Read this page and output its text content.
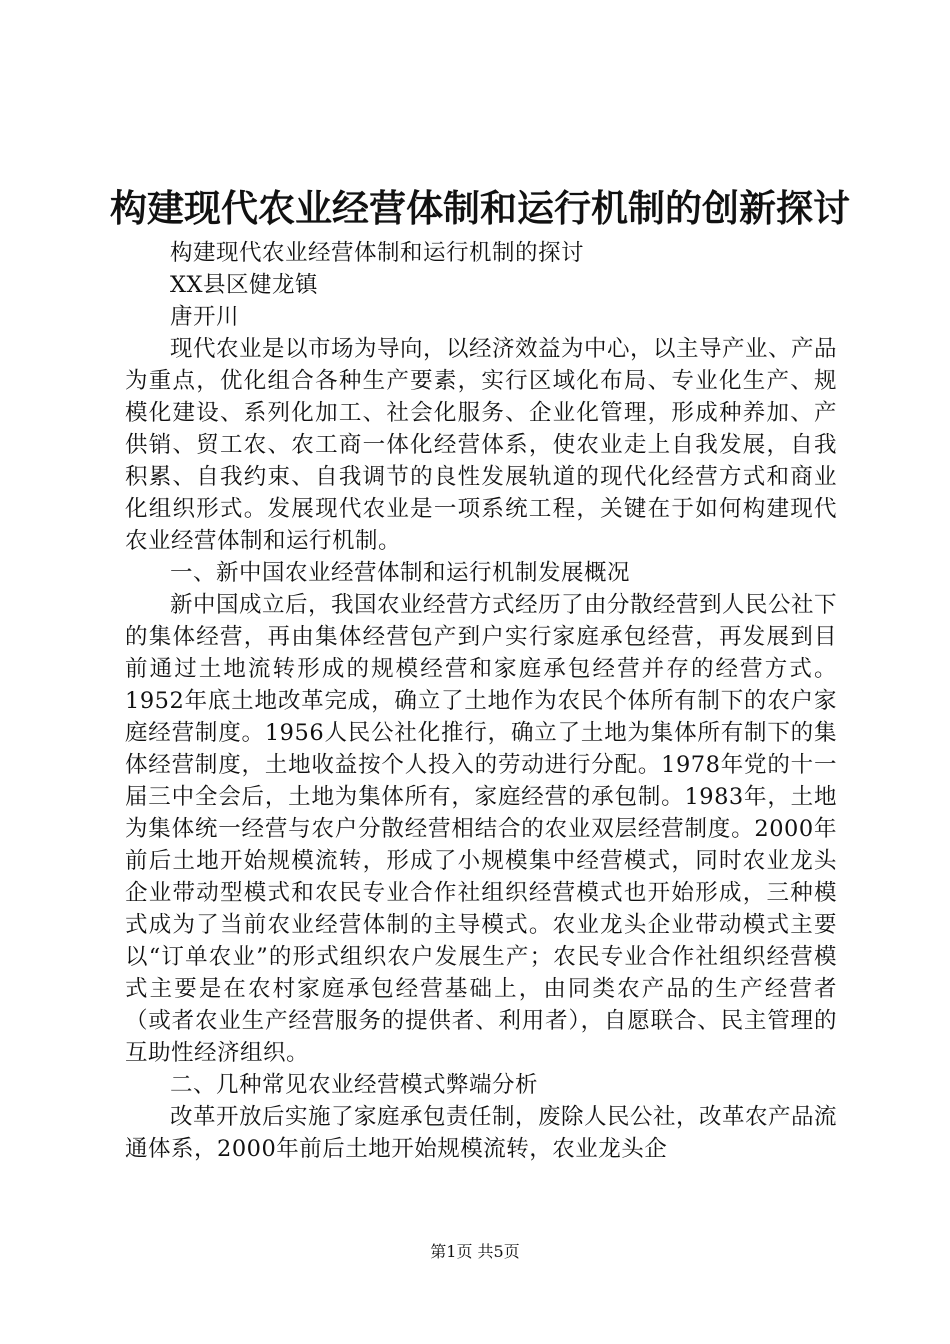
构建现代农业经营体制和运行机制的创新探讨

构建现代农业经营体制和运行机制的探讨

XX县区健龙镇

唐开川

现代农业是以市场为导向，以经济效益为中心，以主导产业、产品为重点，优化组合各种生产要素，实行区域化布局、专业化生产、规模化建设、系列化加工、社会化服务、企业化管理，形成种养加、产供销、贸工农、农工商一体化经营体系，使农业走上自我发展，自我积累、自我约束、自我调节的良性发展轨道的现代化经营方式和商业化组织形式。发展现代农业是一项系统工程，关键在于如何构建现代农业经营体制和运行机制。

一、新中国农业经营体制和运行机制发展概况

新中国成立后，我国农业经营方式经历了由分散经营到人民公社下的集体经营，再由集体经营包产到户实行家庭承包经营，再发展到目前通过土地流转形成的规模经营和家庭承包经营并存的经营方式。1952年底土地改革完成，确立了土地作为农民个体所有制下的农户家庭经营制度。1956人民公社化推行，确立了土地为集体所有制下的集体经营制度，土地收益按个人投入的劳动进行分配。1978年党的十一届三中全会后，土地为集体所有，家庭经营的承包制。1983年，土地为集体统一经营与农户分散经营相结合的农业双层经营制度。2000年前后土地开始规模流转，形成了小规模集中经营模式，同时农业龙头企业带动型模式和农民专业合作社组织经营模式也开始形成，三种模式成为了当前农业经营体制的主导模式。农业龙头企业带动模式主要以“订单农业”的形式组织农户发展生产；农民专业合作社组织经营模式主要是在农村家庭承包经营基础上，由同类农产品的生产经营者（或者农业生产经营服务的提供者、利用者），自愿联合、民主管理的互助性经济组织。

二、几种常见农业经营模式弊端分析

改革开放后实施了家庭承包责任制，废除人民公社，改革农产品流通体系，2000年前后土地开始规模流转，农业龙头企

第1页 共5页
